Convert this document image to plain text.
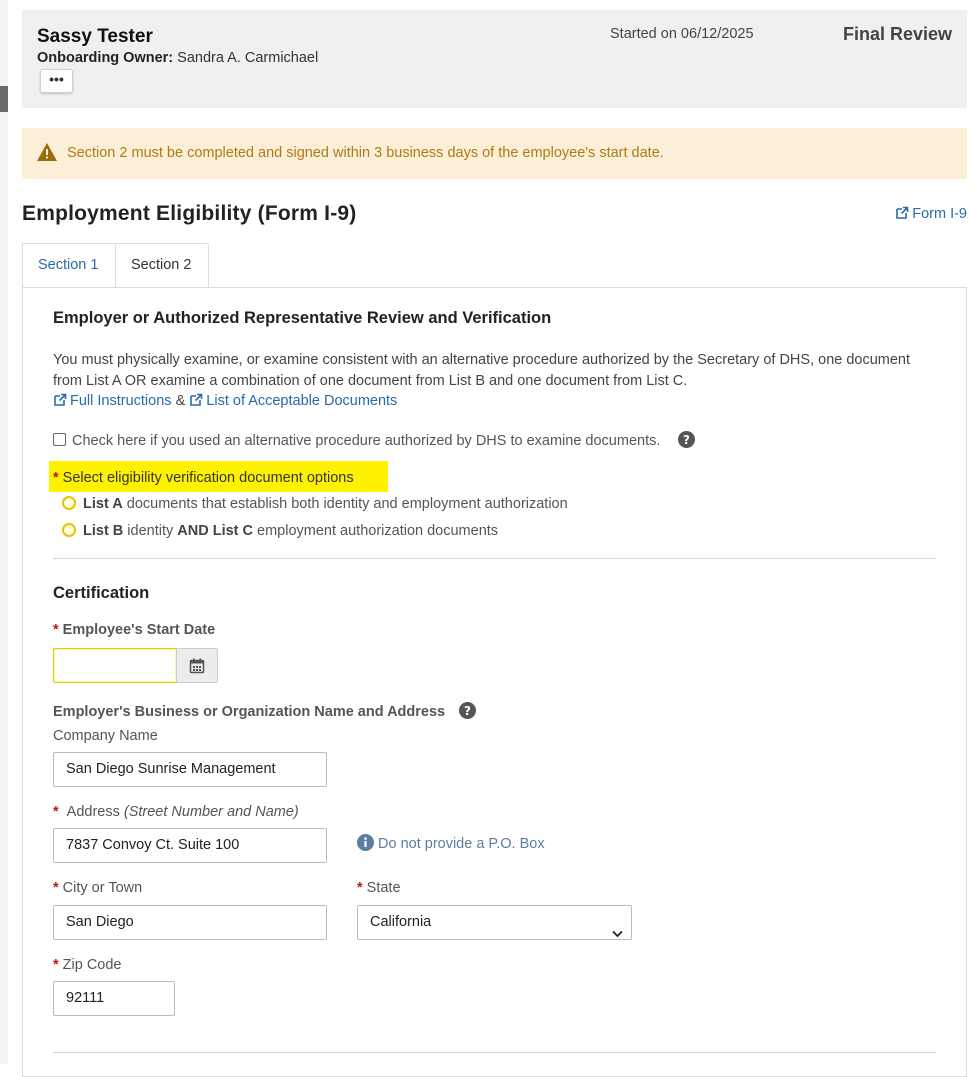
Sassy Tester
Onboarding Owner: Sandra A. Carmichael
•••
Started on 06/12/2025	Final Review
Section 2 must be completed and signed within 3 business days of the employee's start date.
Employment Eligibility (Form I-9)	Form I-9
Section 1	Section 2
Employer or Authorized Representative Review and Verification
You must physically examine, or examine consistent with an alternative procedure authorized by the Secretary of DHS, one document from List A OR examine a combination of one document from List B and one document from List C.
Full Instructions & List of Acceptable Documents
Check here if you used an alternative procedure authorized by DHS to examine documents. ?
* Select eligibility verification document options
List A documents that establish both identity and employment authorization
List B identity AND List C employment authorization documents
Certification
* Employee's Start Date
Employer's Business or Organization Name and Address ?
Company Name
San Diego Sunrise Management
* Address (Street Number and Name)
7837 Convoy Ct. Suite 100	Do not provide a P.O. Box
* City or Town
San Diego
* State
California
* Zip Code
92111
